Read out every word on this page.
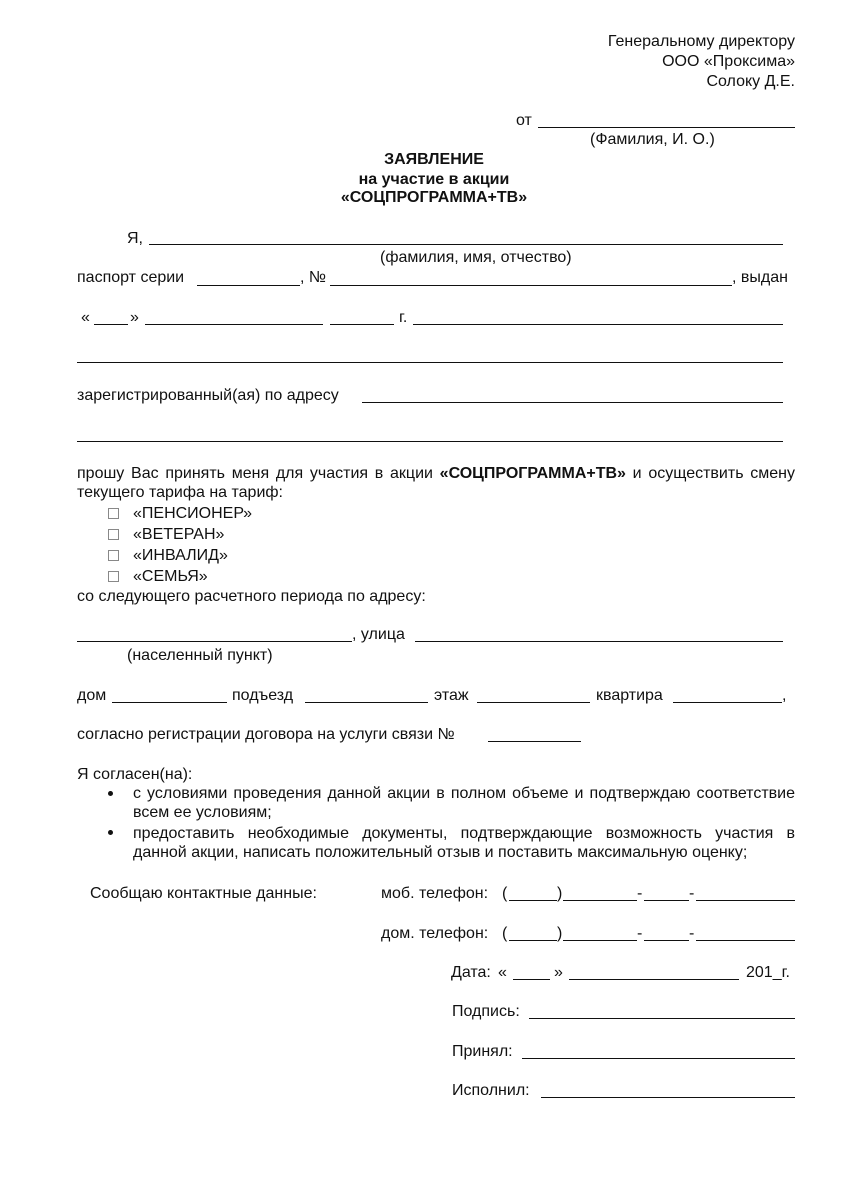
Генеральному директору
ООО «Проксима»
Солоку Д.Е.
от
(Фамилия, И. О.)
ЗАЯВЛЕНИЕ
на участие в акции
«СОЦПРОГРАММА+ТВ»
Я,
(фамилия, имя, отчество)
паспорт серии	, №	, выдан
«	»	г.
зарегистрированный(ая) по адресу
прошу Вас принять меня для участия в акции «СОЦПРОГРАММА+ТВ» и осуществить смену текущего тарифа на тариф:
«ПЕНСИОНЕР»
«ВЕТЕРАН»
«ИНВАЛИД»
«СЕМЬЯ»
со следующего расчетного периода по адресу:
, улица
(населенный пункт)
дом	подъезд	этаж	квартира	,
согласно регистрации договора на услуги связи №
Я согласен(на):
с условиями проведения данной акции в полном объеме и подтверждаю соответствие всем ее условиям;
предоставить необходимые документы, подтверждающие возможность участия в данной акции, написать положительный отзыв и поставить максимальную оценку;
Сообщаю контактные данные:	моб. телефон: (	)	-	-
дом. телефон: (	)	-	-
Дата: «	»	201_г.
Подпись:
Принял:
Исполнил:
